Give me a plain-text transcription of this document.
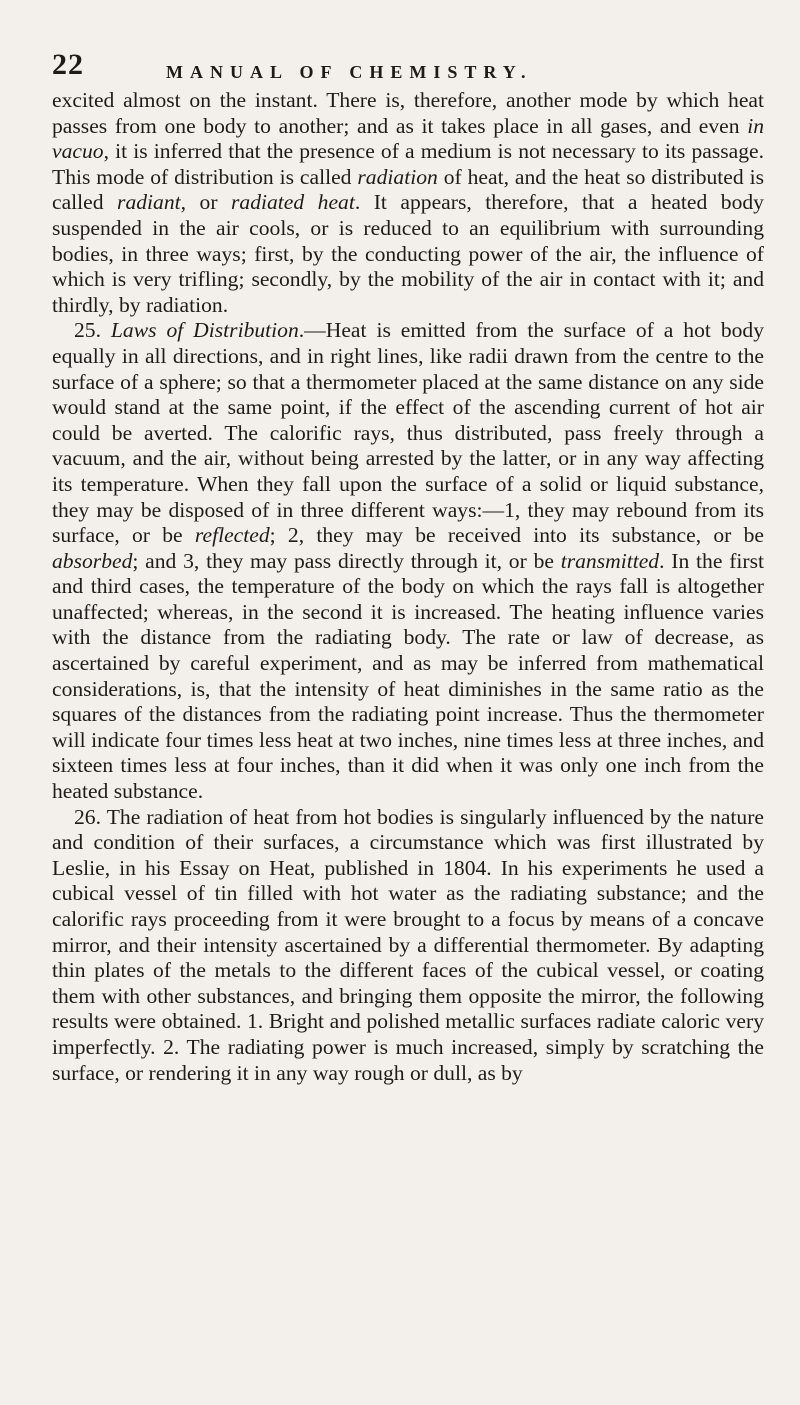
22	MANUAL OF CHEMISTRY.

excited almost on the instant. There is, therefore, another mode by which heat passes from one body to another; and as it takes place in all gases, and even in vacuo, it is inferred that the presence of a medium is not necessary to its passage. This mode of distribution is called radiation of heat, and the heat so distributed is called radiant, or radiated heat. It appears, therefore, that a heated body suspended in the air cools, or is reduced to an equilibrium with surrounding bodies, in three ways; first, by the conducting power of the air, the influence of which is very trifling; secondly, by the mobility of the air in contact with it; and thirdly, by radiation.

25. Laws of Distribution.—Heat is emitted from the surface of a hot body equally in all directions, and in right lines, like radii drawn from the centre to the surface of a sphere; so that a thermometer placed at the same distance on any side would stand at the same point, if the effect of the ascending current of hot air could be averted. The calorific rays, thus distributed, pass freely through a vacuum, and the air, without being arrested by the latter, or in any way affecting its temperature. When they fall upon the surface of a solid or liquid substance, they may be disposed of in three different ways:—1, they may rebound from its surface, or be reflected; 2, they may be received into its substance, or be absorbed; and 3, they may pass directly through it, or be transmitted. In the first and third cases, the temperature of the body on which the rays fall is altogether unaffected; whereas, in the second it is increased. The heating influence varies with the distance from the radiating body. The rate or law of decrease, as ascertained by careful experiment, and as may be inferred from mathematical considerations, is, that the intensity of heat diminishes in the same ratio as the squares of the distances from the radiating point increase. Thus the thermometer will indicate four times less heat at two inches, nine times less at three inches, and sixteen times less at four inches, than it did when it was only one inch from the heated substance.

26. The radiation of heat from hot bodies is singularly influenced by the nature and condition of their surfaces, a circumstance which was first illustrated by Leslie, in his Essay on Heat, published in 1804. In his experiments he used a cubical vessel of tin filled with hot water as the radiating substance; and the calorific rays proceeding from it were brought to a focus by means of a concave mirror, and their intensity ascertained by a differential thermometer. By adapting thin plates of the metals to the different faces of the cubical vessel, or coating them with other substances, and bringing them opposite the mirror, the following results were obtained. 1. Bright and polished metallic surfaces radiate caloric very imperfectly. 2. The radiating power is much increased, simply by scratching the surface, or rendering it in any way rough or dull, as by
